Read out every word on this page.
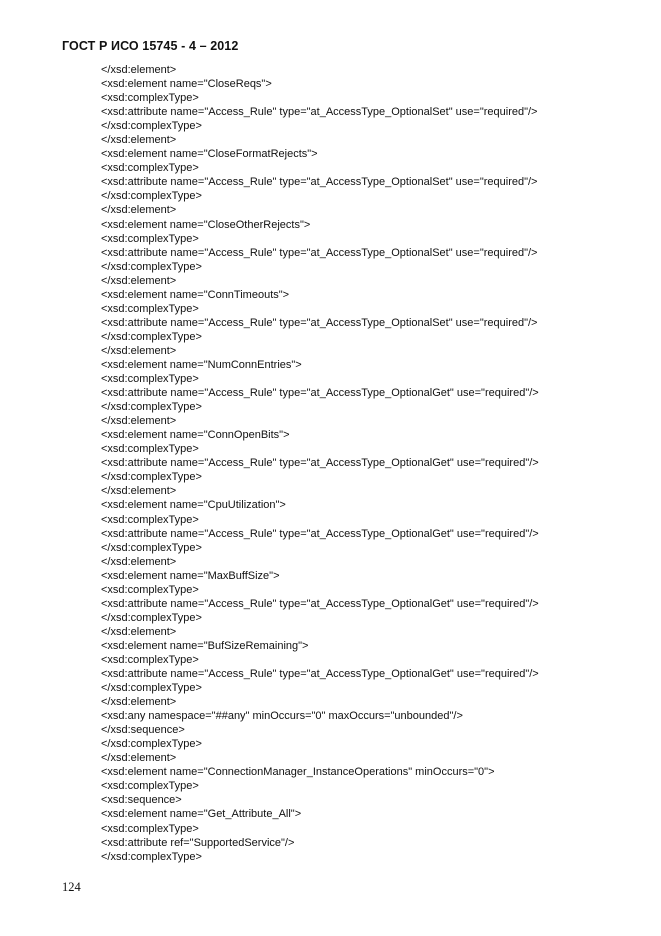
ГОСТ Р ИСО 15745 - 4 – 2012
</xsd:element>
<xsd:element name="CloseReqs">
<xsd:complexType>
<xsd:attribute name="Access_Rule" type="at_AccessType_OptionalSet" use="required"/>
</xsd:complexType>
</xsd:element>
<xsd:element name="CloseFormatRejects">
<xsd:complexType>
<xsd:attribute name="Access_Rule" type="at_AccessType_OptionalSet" use="required"/>
</xsd:complexType>
</xsd:element>
<xsd:element name="CloseOtherRejects">
<xsd:complexType>
<xsd:attribute name="Access_Rule" type="at_AccessType_OptionalSet" use="required"/>
</xsd:complexType>
</xsd:element>
<xsd:element name="ConnTimeouts">
<xsd:complexType>
<xsd:attribute name="Access_Rule" type="at_AccessType_OptionalSet" use="required"/>
</xsd:complexType>
</xsd:element>
<xsd:element name="NumConnEntries">
<xsd:complexType>
<xsd:attribute name="Access_Rule" type="at_AccessType_OptionalGet" use="required"/>
</xsd:complexType>
</xsd:element>
<xsd:element name="ConnOpenBits">
<xsd:complexType>
<xsd:attribute name="Access_Rule" type="at_AccessType_OptionalGet" use="required"/>
</xsd:complexType>
</xsd:element>
<xsd:element name="CpuUtilization">
<xsd:complexType>
<xsd:attribute name="Access_Rule" type="at_AccessType_OptionalGet" use="required"/>
</xsd:complexType>
</xsd:element>
<xsd:element name="MaxBuffSize">
<xsd:complexType>
<xsd:attribute name="Access_Rule" type="at_AccessType_OptionalGet" use="required"/>
</xsd:complexType>
</xsd:element>
<xsd:element name="BufSizeRemaining">
<xsd:complexType>
<xsd:attribute name="Access_Rule" type="at_AccessType_OptionalGet" use="required"/>
</xsd:complexType>
</xsd:element>
<xsd:any namespace="##any" minOccurs="0" maxOccurs="unbounded"/>
</xsd:sequence>
</xsd:complexType>
</xsd:element>
<xsd:element name="ConnectionManager_InstanceOperations" minOccurs="0">
<xsd:complexType>
<xsd:sequence>
<xsd:element name="Get_Attribute_All">
<xsd:complexType>
<xsd:attribute ref="SupportedService"/>
</xsd:complexType>
124
